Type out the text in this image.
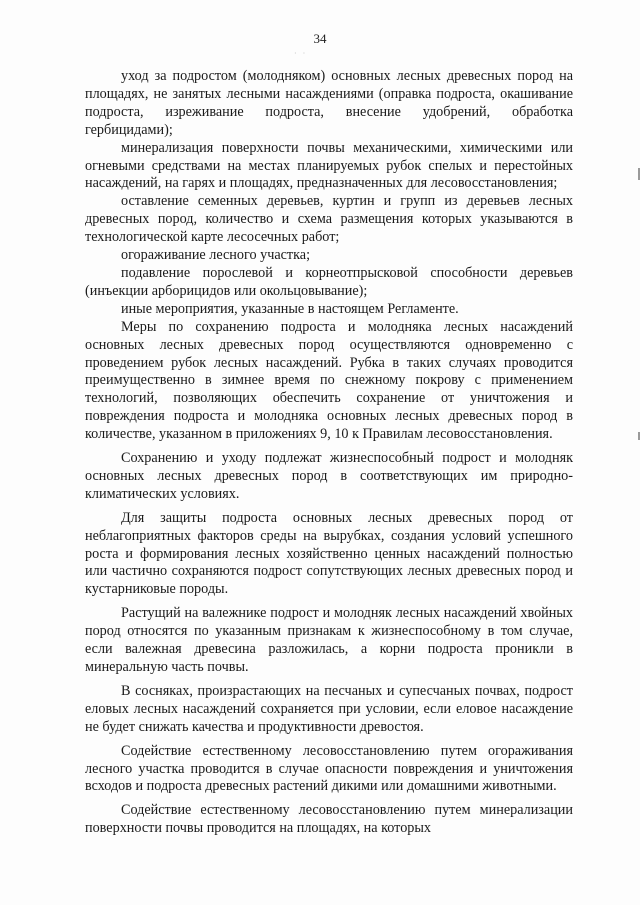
34
· ·

уход за подростом (молодняком) основных лесных древесных пород на площадях, не занятых лесными насаждениями (оправка подроста, окашивание подроста, изреживание подроста, внесение удобрений, обработка гербицидами);

минерализация поверхности почвы механическими, химическими или огневыми средствами на местах планируемых рубок спелых и перестойных насаждений, на гарях и площадях, предназначенных для лесовосстановления;

оставление семенных деревьев, куртин и групп из деревьев лесных древесных пород, количество и схема размещения которых указываются в технологической карте лесосечных работ;

огораживание лесного участка;

подавление порослевой и корнеотпрысковой способности деревьев (инъекции арборицидов или окольцовывание);

иные мероприятия, указанные в настоящем Регламенте.

Меры по сохранению подроста и молодняка лесных насаждений основных лесных древесных пород осуществляются одновременно с проведением рубок лесных насаждений. Рубка в таких случаях проводится преимущественно в зимнее время по снежному покрову с применением технологий, позволяющих обеспечить сохранение от уничтожения и повреждения подроста и молодняка основных лесных древесных пород в количестве, указанном в приложениях 9, 10 к Правилам лесовосстановления.

Сохранению и уходу подлежат жизнеспособный подрост и молодняк основных лесных древесных пород в соответствующих им природно-климатических условиях.

Для защиты подроста основных лесных древесных пород от неблагоприятных факторов среды на вырубках, создания условий успешного роста и формирования лесных хозяйственно ценных насаждений полностью или частично сохраняются подрост сопутствующих лесных древесных пород и кустарниковые породы.

Растущий на валежнике подрост и молодняк лесных насаждений хвойных пород относятся по указанным признакам к жизнеспособному в том случае, если валежная древесина разложилась, а корни подроста проникли в минеральную часть почвы.

В сосняках, произрастающих на песчаных и супесчаных почвах, подрост еловых лесных насаждений сохраняется при условии, если еловое насаждение не будет снижать качества и продуктивности древостоя.

Содействие естественному лесовосстановлению путем огораживания лесного участка проводится в случае опасности повреждения и уничтожения всходов и подроста древесных растений дикими или домашними животными.

Содействие естественному лесовосстановлению путем минерализации поверхности почвы проводится на площадях, на которых
